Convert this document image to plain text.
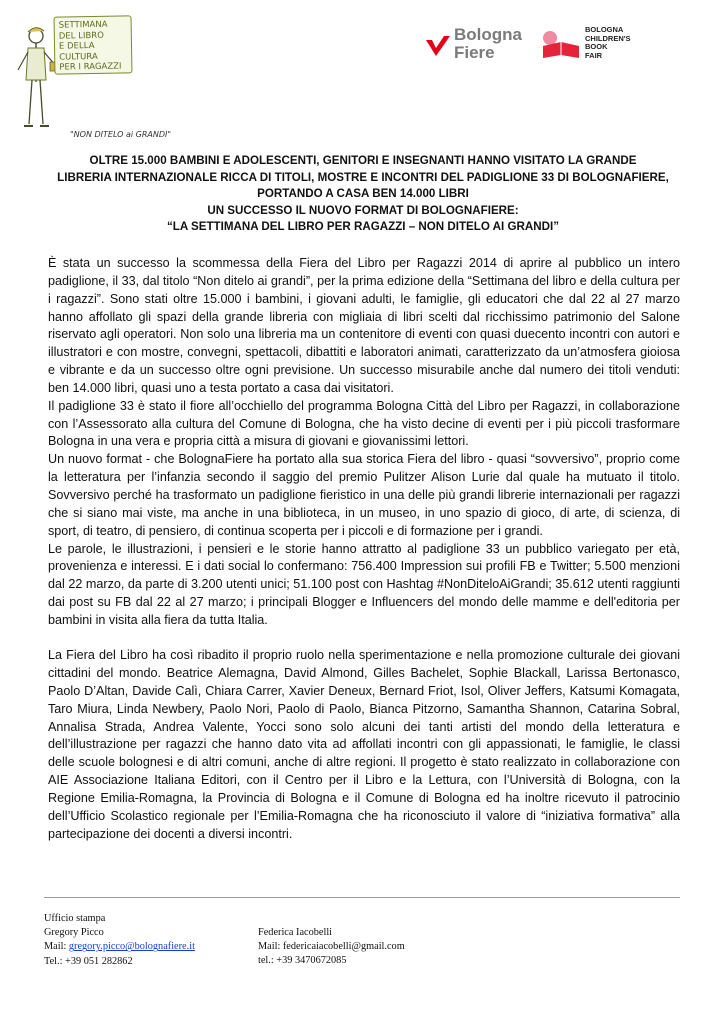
SETTIMANA DEL LIBRO
E DELLA CULTURA
PER I RAGAZZI
"NON DITELO ai GRANDI"
Bologna
Fiere
BOLOGNA
CHILDREN'S
BOOK
FAIR
OLTRE 15.000 BAMBINI E ADOLESCENTI, GENITORI E INSEGNANTI HANNO VISITATO LA GRANDE
LIBRERIA INTERNAZIONALE RICCA DI TITOLI, MOSTRE E INCONTRI DEL PADIGLIONE 33 DI BOLOGNAFIERE,
PORTANDO A CASA BEN 14.000 LIBRI
UN SUCCESSO IL NUOVO FORMAT DI BOLOGNAFIERE:
“LA SETTIMANA DEL LIBRO PER RAGAZZI – NON DITELO AI GRANDI”

È stata un successo la scommessa della Fiera del Libro per Ragazzi 2014 di aprire al pubblico un intero padiglione, il 33, dal titolo “Non ditelo ai grandi”, per la prima edizione della “Settimana del libro e della cultura per i ragazzi”. Sono stati oltre 15.000 i bambini, i giovani adulti, le famiglie, gli educatori che dal 22 al 27 marzo hanno affollato gli spazi della grande libreria con migliaia di libri scelti dal ricchissimo patrimonio del Salone riservato agli operatori. Non solo una libreria ma un contenitore di eventi con quasi duecento incontri con autori e illustratori e con mostre, convegni, spettacoli, dibattiti e laboratori animati, caratterizzato da un’atmosfera gioiosa e vibrante e da un successo oltre ogni previsione. Un successo misurabile anche dal numero dei titoli venduti: ben 14.000 libri, quasi uno a testa portato a casa dai visitatori.

Il padiglione 33 è stato il fiore all’occhiello del programma Bologna Città del Libro per Ragazzi, in collaborazione con l’Assessorato alla cultura del Comune di Bologna, che ha visto decine di eventi per i più piccoli trasformare Bologna in una vera e propria città a misura di giovani e giovanissimi lettori.

Un nuovo format - che BolognaFiere ha portato alla sua storica Fiera del libro - quasi “sovversivo”, proprio come la letteratura per l’infanzia secondo il saggio del premio Pulitzer Alison Lurie dal quale ha mutuato il titolo. Sovversivo perché ha trasformato un padiglione fieristico in una delle più grandi librerie internazionali per ragazzi che si siano mai viste, ma anche in una biblioteca, in un museo, in uno spazio di gioco, di arte, di scienza, di sport, di teatro, di pensiero, di continua scoperta per i piccoli e di formazione per i grandi.

Le parole, le illustrazioni, i pensieri e le storie hanno attratto al padiglione 33 un pubblico variegato per età, provenienza e interessi. E i dati social lo confermano: 756.400 Impression sui profili FB e Twitter; 5.500 menzioni dal 22 marzo, da parte di 3.200 utenti unici; 51.100 post con Hashtag #NonDiteloAiGrandi; 35.612 utenti raggiunti dai post su FB dal 22 al 27 marzo; i principali Blogger e Influencers del mondo delle mamme e dell'editoria per bambini in visita alla fiera da tutta Italia.

La Fiera del Libro ha così ribadito il proprio ruolo nella sperimentazione e nella promozione culturale dei giovani cittadini del mondo. Beatrice Alemagna, David Almond, Gilles Bachelet, Sophie Blackall, Larissa Bertonasco, Paolo D’Altan, Davide Calì, Chiara Carrer, Xavier Deneux, Bernard Friot, Isol, Oliver Jeffers, Katsumi Komagata, Taro Miura, Linda Newbery, Paolo Nori, Paolo di Paolo, Bianca Pitzorno, Samantha Shannon, Catarina Sobral, Annalisa Strada, Andrea Valente, Yocci sono solo alcuni dei tanti artisti del mondo della letteratura e dell’illustrazione per ragazzi che hanno dato vita ad affollati incontri con gli appassionati, le famiglie, le classi delle scuole bolognesi e di altri comuni, anche di altre regioni. Il progetto è stato realizzato in collaborazione con AIE Associazione Italiana Editori, con il Centro per il Libro e la Lettura, con l’Università di Bologna, con la Regione Emilia-Romagna, la Provincia di Bologna e il Comune di Bologna ed ha inoltre ricevuto il patrocinio dell’Ufficio Scolastico regionale per l’Emilia-Romagna che ha riconosciuto il valore di “iniziativa formativa” alla partecipazione dei docenti a diversi incontri.

Ufficio stampa
Gregory Picco
Mail: gregory.picco@bolognafiere.it
Tel.: +39 051 282862
Federica Iacobelli
Mail: federicaiacobelli@gmail.com
tel.: +39 3470672085
